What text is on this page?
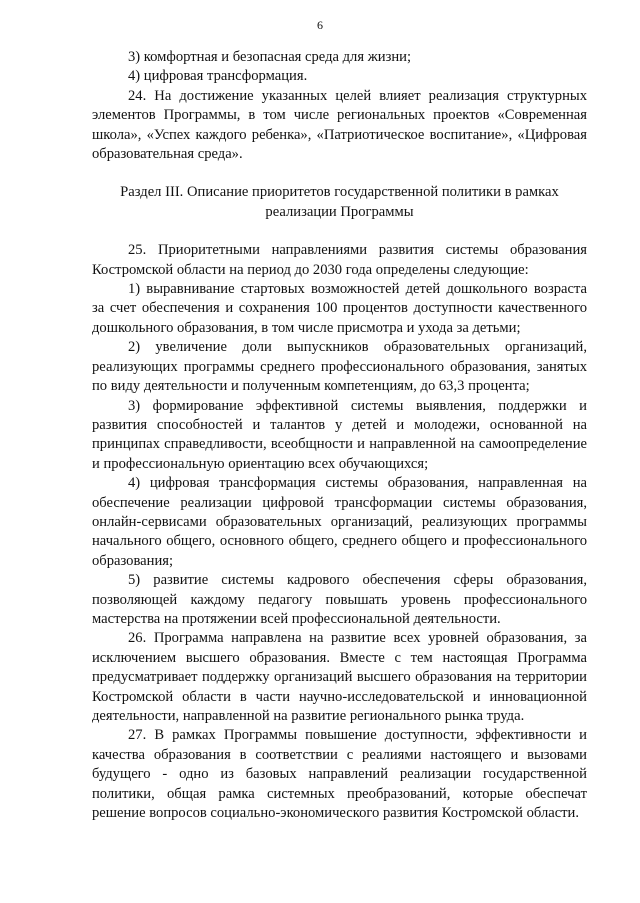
6

3) комфортная и безопасная среда для жизни;

4) цифровая трансформация.

24. На достижение указанных целей влияет реализация структурных элементов Программы, в том числе региональных проектов «Современная школа», «Успех каждого ребенка», «Патриотическое воспитание», «Цифровая образовательная среда».

Раздел III. Описание приоритетов государственной политики в рамках реализации Программы

25. Приоритетными направлениями развития системы образования Костромской области на период до 2030 года определены следующие:

1) выравнивание стартовых возможностей детей дошкольного возраста за счет обеспечения и сохранения 100 процентов доступности качественного дошкольного образования, в том числе присмотра и ухода за детьми;

2) увеличение доли выпускников образовательных организаций, реализующих программы среднего профессионального образования, занятых по виду деятельности и полученным компетенциям, до 63,3 процента;

3) формирование эффективной системы выявления, поддержки и развития способностей и талантов у детей и молодежи, основанной на принципах справедливости, всеобщности и направленной на самоопределение и профессиональную ориентацию всех обучающихся;

4) цифровая трансформация системы образования, направленная на обеспечение реализации цифровой трансформации системы образования, онлайн-сервисами образовательных организаций, реализующих программы начального общего, основного общего, среднего общего и профессионального образования;

5) развитие системы кадрового обеспечения сферы образования, позволяющей каждому педагогу повышать уровень профессионального мастерства на протяжении всей профессиональной деятельности.

26. Программа направлена на развитие всех уровней образования, за исключением высшего образования. Вместе с тем настоящая Программа предусматривает поддержку организаций высшего образования на территории Костромской области в части научно-исследовательской и инновационной деятельности, направленной на развитие регионального рынка труда.

27. В рамках Программы повышение доступности, эффективности и качества образования в соответствии с реалиями настоящего и вызовами будущего - одно из базовых направлений реализации государственной политики, общая рамка системных преобразований, которые обеспечат решение вопросов социально-экономического развития Костромской области.
